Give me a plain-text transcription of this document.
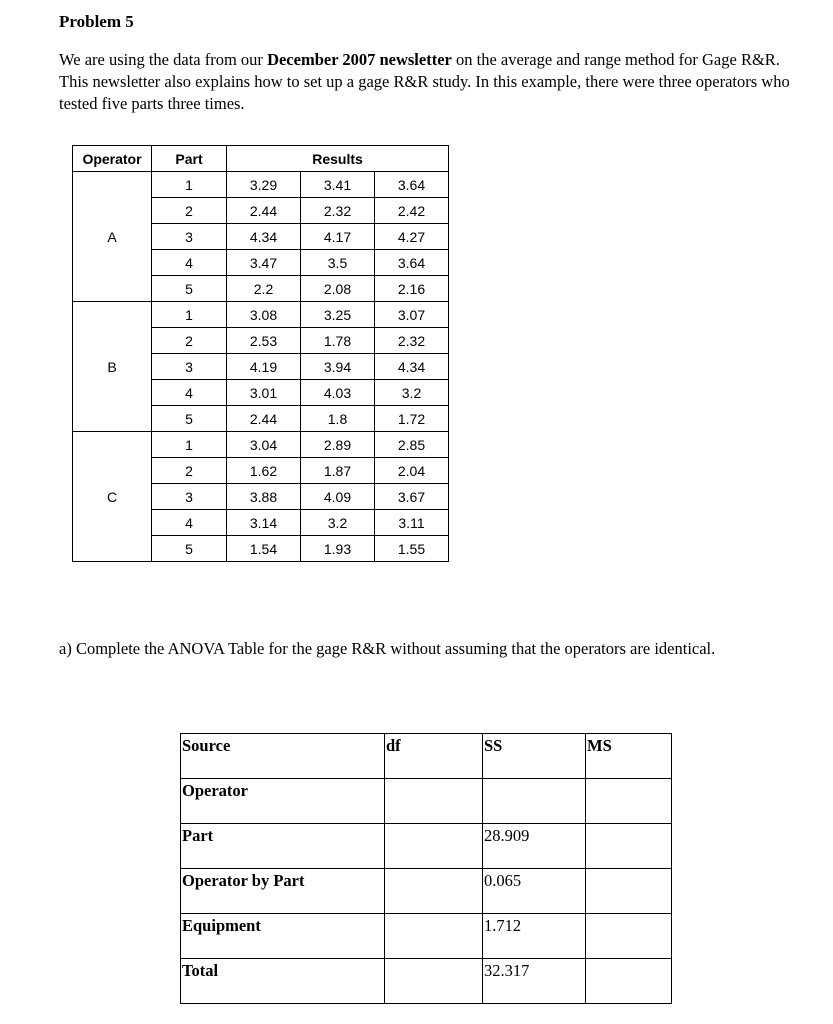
Problem 5

We are using the data from our December 2007 newsletter on the average and range method for Gage R&R. This newsletter also explains how to set up a gage R&R study. In this example, there were three operators who tested five parts three times.

Operator	Part	Results		
A	1	3.29	3.41	3.64
	2	2.44	2.32	2.42
	3	4.34	4.17	4.27
	4	3.47	3.5	3.64
	5	2.2	2.08	2.16
B	1	3.08	3.25	3.07
	2	2.53	1.78	2.32
	3	4.19	3.94	4.34
	4	3.01	4.03	3.2
	5	2.44	1.8	1.72
C	1	3.04	2.89	2.85
	2	1.62	1.87	2.04
	3	3.88	4.09	3.67
	4	3.14	3.2	3.11
	5	1.54	1.93	1.55

a) Complete the ANOVA Table for the gage R&R without assuming that the operators are identical.

Source	df	SS	MS
Operator			
Part		28.909	
Operator by Part		0.065	
Equipment		1.712	
Total		32.317	
